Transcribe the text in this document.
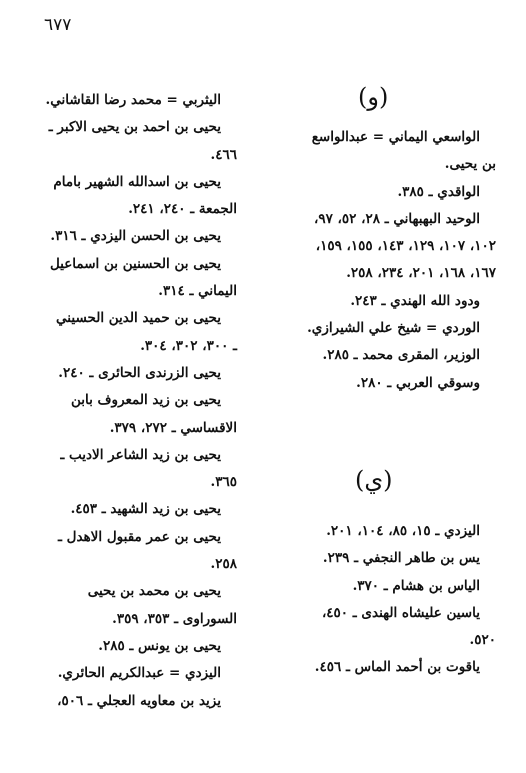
٦٧٧
(و)
(ي)
الواسعي اليماني = عبدالواسع
بن يحيى.
الواقدي ـ ٣٨٥.
الوحيد البهبهاني ـ ٢٨، ٥٢، ٩٧،
١٠٢، ١٠٧، ١٢٩، ١٤٣، ١٥٥، ١٥٩،
١٦٧، ١٦٨، ٢٠١، ٢٣٤، ٢٥٨.
ودود الله الهندي ـ ٢٤٣.
الوردي = شيخ علي الشيرازي.
الوزير، المقرى محمد ـ ٢٨٥.
وسوقي العربي ـ ٢٨٠.
اليزدي ـ ١٥، ٨٥، ١٠٤، ٢٠١.
يس بن طاهر النجفي ـ ٢٣٩.
الياس بن هشام ـ ٣٧٠.
ياسين عليشاه الهندى ـ ٤٥٠،
٥٢٠.
ياقوت بن أحمد الماس ـ ٤٥٦.
اليثربي = محمد رضا القاشاني.
يحيى بن احمد بن يحيى الاكبر ـ
٤٦٦.
يحيى بن اسدالله الشهير بامام
الجمعة ـ ٢٤٠، ٢٤١.
يحيى بن الحسن اليزدي ـ ٣١٦.
يحيى بن الحسنين بن اسماعيل
اليماني ـ ٣١٤.
يحيى بن حميد الدين الحسيني
ـ ٣٠٠، ٣٠٢، ٣٠٤.
يحيى الزرندى الحائرى ـ ٢٤٠.
يحيى بن زيد المعروف بابن
الاقساسي ـ ٢٧٢، ٣٧٩.
يحيى بن زيد الشاعر الاديب ـ
٣٦٥.
يحيى بن زيد الشهيد ـ ٤٥٣.
يحيى بن عمر مقبول الاهدل ـ
٢٥٨.
يحيى بن محمد بن يحيى
السوراوى ـ ٣٥٣، ٣٥٩.
يحيى بن يونس ـ ٢٨٥.
اليزدي = عبدالكريم الحائري.
يزيد بن معاويه العجلي ـ ٥٠٦،
